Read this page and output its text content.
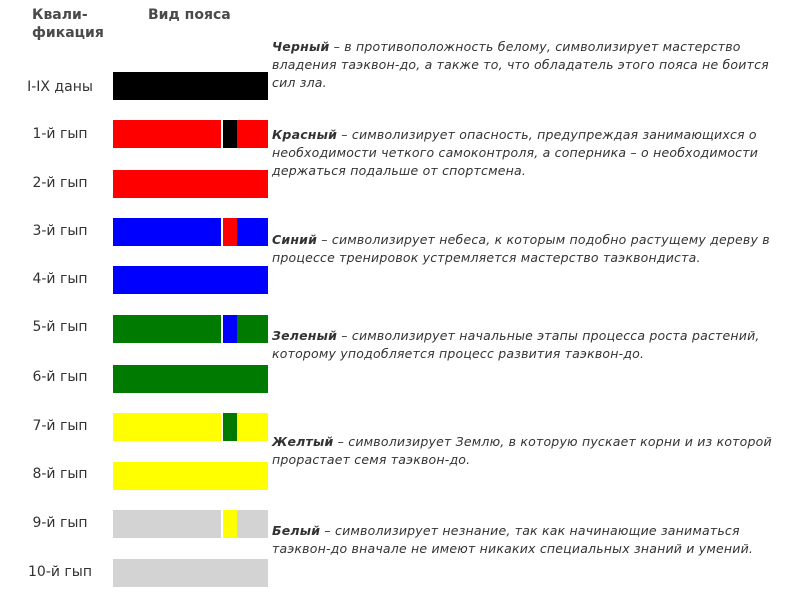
Квали-
фикация
Вид пояса
I-IX даны
1-й гып
2-й гып
3-й гып
4-й гып
5-й гып
6-й гып
7-й гып
8-й гып
9-й гып
10-й гып
Черный – в противоположность белому, символизирует мастерство владения таэквон-до, а также то, что обладатель этого пояса не боится сил зла.
Красный – символизирует опасность, предупреждая занимающихся о необходимости четкого самоконтроля, а соперника – о необходимости держаться подальше от спортсмена.
Синий – символизирует небеса, к которым подобно растущему дереву в процессе тренировок устремляется мастерство таэквондиста.
Зеленый – символизирует начальные этапы процесса роста растений, которому уподобляется процесс развития таэквон-до.
Желтый – символизирует Землю, в которую пускает корни и из которой прорастает семя таэквон-до.
Белый – символизирует незнание, так как начинающие заниматься таэквон-до вначале не имеют никаких специальных знаний и умений.
